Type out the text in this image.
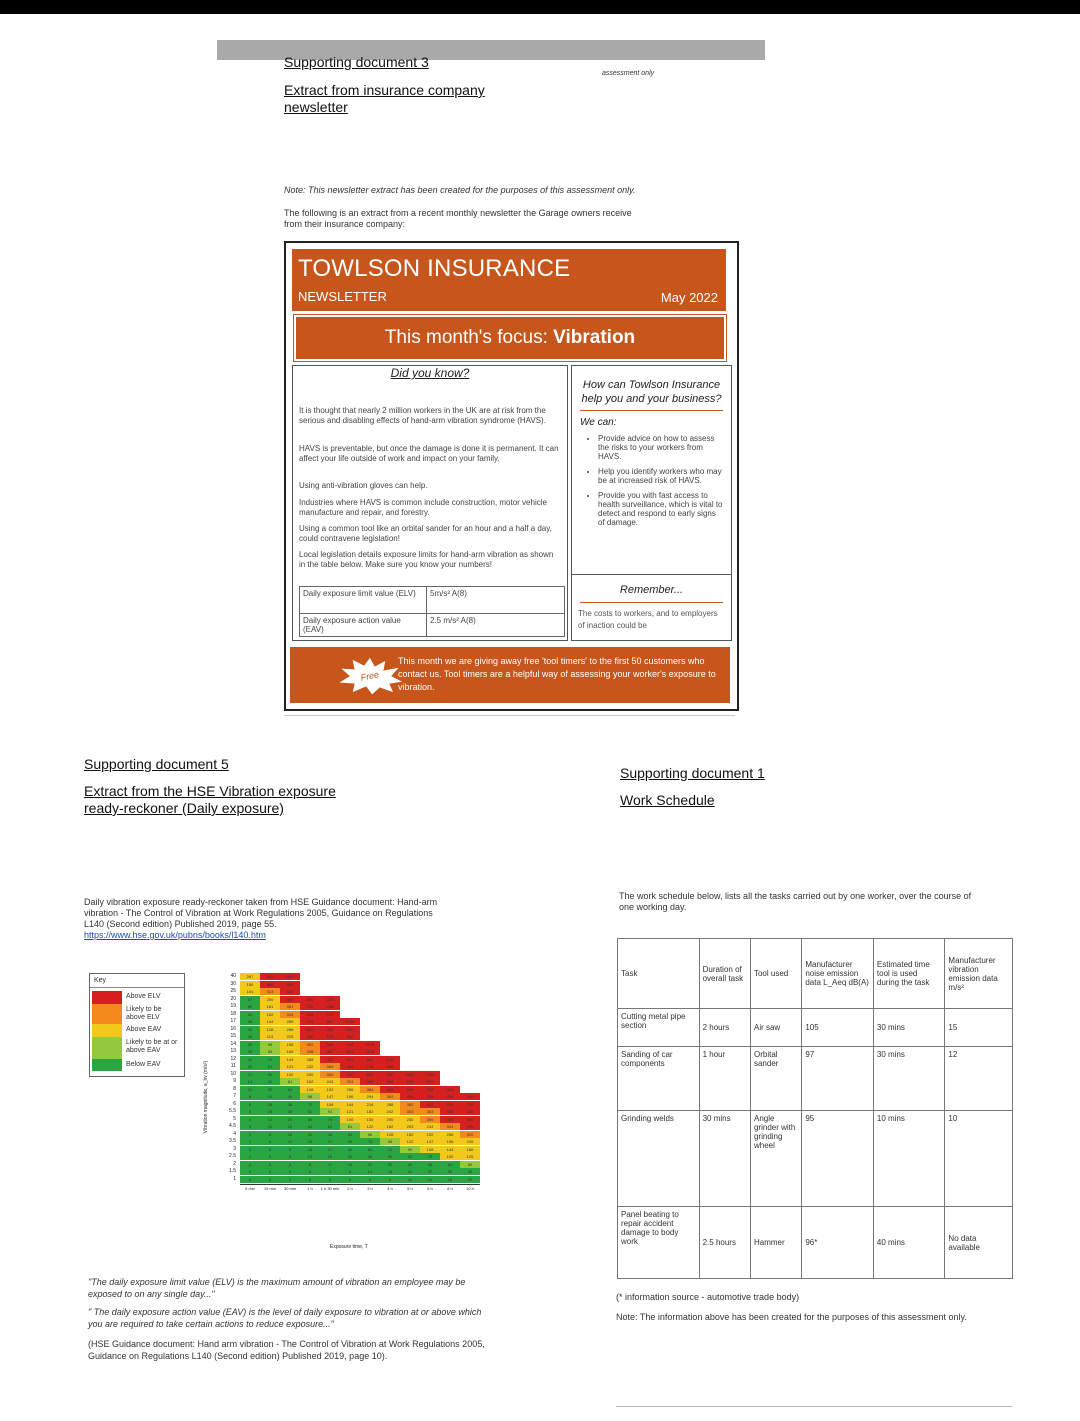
assessment only
Supporting document 3
Extract from insurance company
newsletter
Note: This newsletter extract has been created for the purposes of this assessment only.
The following is an extract from a recent monthly newsletter the Garage owners receive
from their insurance company:
TOWLSON INSURANCE
NEWSLETTER	May 2022
This month's focus: Vibration

Did you know?

It is thought that nearly 2 million workers in the UK are at risk from the serious and disabling effects of hand-arm vibration syndrome (HAVS).

HAVS is preventable, but once the damage is done it is permanent. It can affect your life outside of work and impact on your family.

Using anti-vibration gloves can help.

Industries where HAVS is common include construction, motor vehicle manufacture and repair, and forestry.

Using a common tool like an orbital sander for an hour and a half a day, could contravene legislation!

Local legislation details exposure limits for hand-arm vibration as shown in the table below. Make sure you know your numbers!

Daily exposure limit value (ELV)	5m/s² A(8)
Daily exposure action value (EAV)	2.5 m/s² A(8)

How can Towlson Insurance help you and your business?

We can:

• Provide advice on how to assess the risks to your workers from HAVS.
• Help you identify workers who may be at increased risk of HAVS.
• Provide you with fast access to health surveillance, which is vital to detect and respond to early signs of damage.

Remember...

The costs to workers, and to employers of inaction could be

Free
This month we are giving away free 'tool timers' to the first 50 customers who contact us. Tool timers are a helpful way of assessing your worker's exposure to vibration.
Supporting document 5
Extract from the HSE Vibration exposure
ready-reckoner (Daily exposure)
Daily vibration exposure ready-reckoner taken from HSE Guidance document: Hand-arm
vibration - The Control of Vibration at Work Regulations 2005, Guidance on Regulations
L140 (Second edition) Published 2019, page 55.
https://www.hse.gov.uk/pubns/books/l140.htm
Key
Above ELV
Likely to be above ELV
Above EAV
Likely to be at or above EAV
Below EAV	Vibration magnitude, a_hv (m/s²)
40	267	800	1600
30	150	450	900
25	104	313	625
20	67	200	400	800	1200
19	60	181	361	722	1083
18	54	162	324	648	972
17	48	144	289	578	867	1156
16	43	128	256	512	768	1024
15	38	113	225	450	675	900
14	33	98	196	392	588	784	1176
13	28	85	169	338	507	676	1014
12	24	72	144	288	432	576	864	1152
11	20	61	121	242	363	484	726	968
10	17	50	100	200	300	400	600	800	1000	1200
9	14	41	81	162	243	324	486	648	810	972
8	11	32	64	128	192	256	384	512	640	768	1024
7	8	24	49	98	147	196	294	392	490	588	784	980
6	6	18	36	72	108	144	216	288	360	432	576	720
5.5	5	15	30	61	91	121	182	242	303	363	484	605
5	4	13	25	50	75	100	150	200	250	300	400	500
4.5	3	10	20	41	61	81	122	162	203	243	324	405
4	3	8	16	32	48	64	96	128	160	192	256	320
3.5	2	6	12	24	37	49	73	98	122	147	196	245
3	2	5	9	18	27	36	54	72	90	108	144	180
2.5	1	3	6	13	19	25	38	50	63	75	100	125
2	1	2	4	8	12	16	24	32	40	48	64	80
1.5	0	1	2	5	7	9	14	18	22	27	36	45
1	0	1	1	2	3	4	6	8	10	12	16	20
5 min	15 min	30 min	1 h	1 h 30 min	2 h	3 h	4 h	5 h	6 h	8 h	10 h
Exposure time, T
"The daily exposure limit value (ELV) is the maximum amount of vibration an employee may be exposed to on any single day..."
" The daily exposure action value (EAV) is the level of daily exposure to vibration at or above which you are required to take certain actions to reduce exposure..."
(HSE Guidance document: Hand arm vibration - The Control of Vibration at Work Regulations 2005, Guidance on Regulations L140 (Second edition) Published 2019, page 10).
Supporting document 1
Work Schedule
The work schedule below, lists all the tasks carried out by one worker, over the course of
one working day.
Task	Duration of overall task	Tool used	Manufacturer noise emission data L_Aeq dB(A)	Estimated time tool is used during the task	Manufacturer vibration emission data m/s²
Cutting metal pipe section	2 hours	Air saw	105	30 mins	15
Sanding of car components	1 hour	Orbital sander	97	30 mins	12
Grinding welds	30 mins	Angle grinder with grinding wheel	95	10 mins	10
Panel beating to repair accident damage to body work	2.5 hours	Hammer	96*	40 mins	No data available
(* information source - automotive trade body)
Note: The information above has been created for the purposes of this assessment only.
